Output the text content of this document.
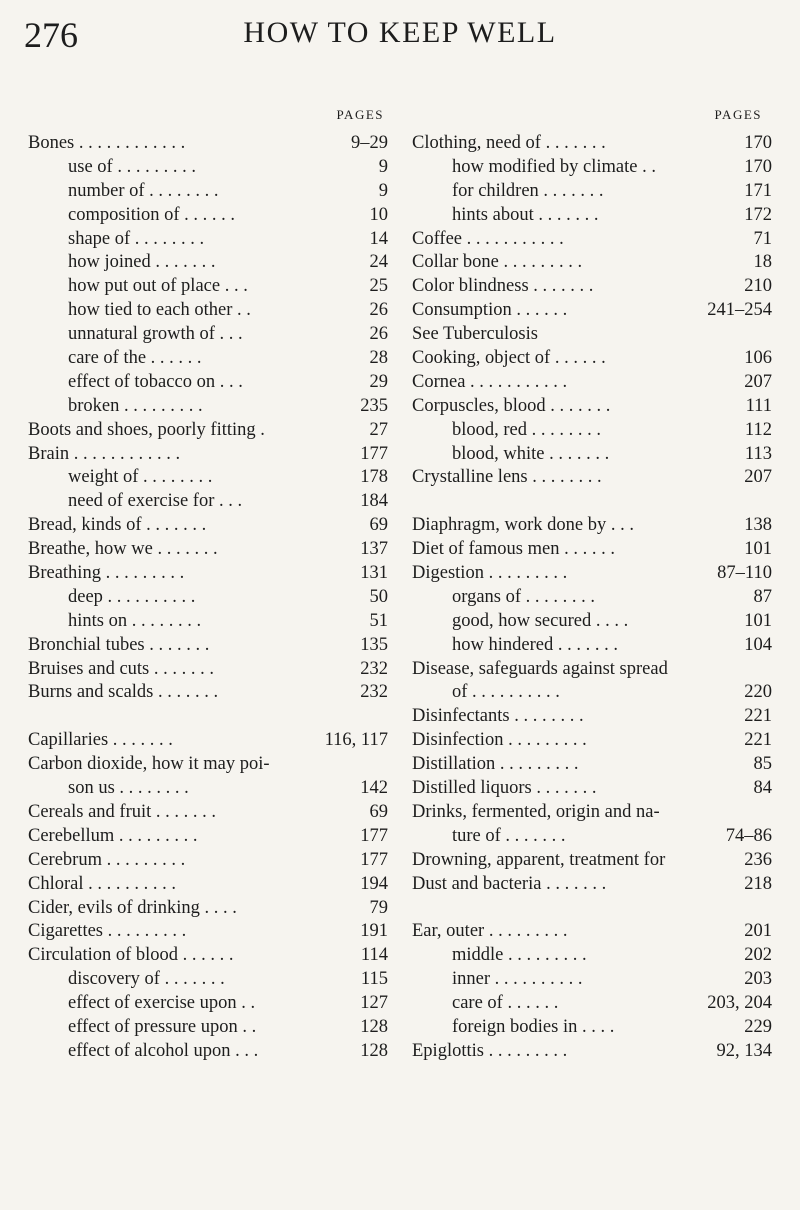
276	HOW TO KEEP WELL
PAGES
Bones . . . . . . . . . . . .	9–29
use of . . . . . . . . .	9
number of . . . . . . . .	9
composition of . . . . . .	10
shape of . . . . . . . .	14
how joined . . . . . . .	24
how put out of place . . .	25
how tied to each other . .	26
unnatural growth of . . .	26
care of the . . . . . .	28
effect of tobacco on . . .	29
broken . . . . . . . . .	235
Boots and shoes, poorly fitting .	27
Brain . . . . . . . . . . . .	177
weight of . . . . . . . .	178
need of exercise for . . .	184
Bread, kinds of . . . . . . .	69
Breathe, how we . . . . . . .	137
Breathing . . . . . . . . .	131
deep . . . . . . . . . .	50
hints on . . . . . . . .	51
Bronchial tubes . . . . . . .	135
Bruises and cuts . . . . . . .	232
Burns and scalds . . . . . . .	232
Capillaries . . . . . . .	116, 117
Carbon dioxide, how it may poi-
son us . . . . . . . .	142
Cereals and fruit . . . . . . .	69
Cerebellum . . . . . . . . .	177
Cerebrum . . . . . . . . .	177
Chloral . . . . . . . . . .	194
Cider, evils of drinking . . . .	79
Cigarettes . . . . . . . . .	191
Circulation of blood . . . . . .	114
discovery of . . . . . . .	115
effect of exercise upon . .	127
effect of pressure upon . .	128
effect of alcohol upon . . .	128
PAGES
Clothing, need of . . . . . . .	170
how modified by climate . .	170
for children . . . . . . .	171
hints about . . . . . . .	172
Coffee . . . . . . . . . . .	71
Collar bone . . . . . . . . .	18
Color blindness . . . . . . .	210
Consumption . . . . . .	241–254
See Tuberculosis
Cooking, object of . . . . . .	106
Cornea . . . . . . . . . . .	207
Corpuscles, blood . . . . . . .	111
blood, red . . . . . . . .	112
blood, white . . . . . . .	113
Crystalline lens . . . . . . . .	207
Diaphragm, work done by . . .	138
Diet of famous men . . . . . .	101
Digestion . . . . . . . . .	87–110
organs of . . . . . . . .	87
good, how secured . . . .	101
how hindered . . . . . . .	104
Disease, safeguards against spread
of . . . . . . . . . .	220
Disinfectants . . . . . . . .	221
Disinfection . . . . . . . . .	221
Distillation . . . . . . . . .	85
Distilled liquors . . . . . . .	84
Drinks, fermented, origin and na-
ture of . . . . . . .	74–86
Drowning, apparent, treatment for	236
Dust and bacteria . . . . . . .	218
Ear, outer . . . . . . . . .	201
middle . . . . . . . . .	202
inner . . . . . . . . . .	203
care of . . . . . .	203, 204
foreign bodies in . . . .	229
Epiglottis . . . . . . . . .	92, 134
